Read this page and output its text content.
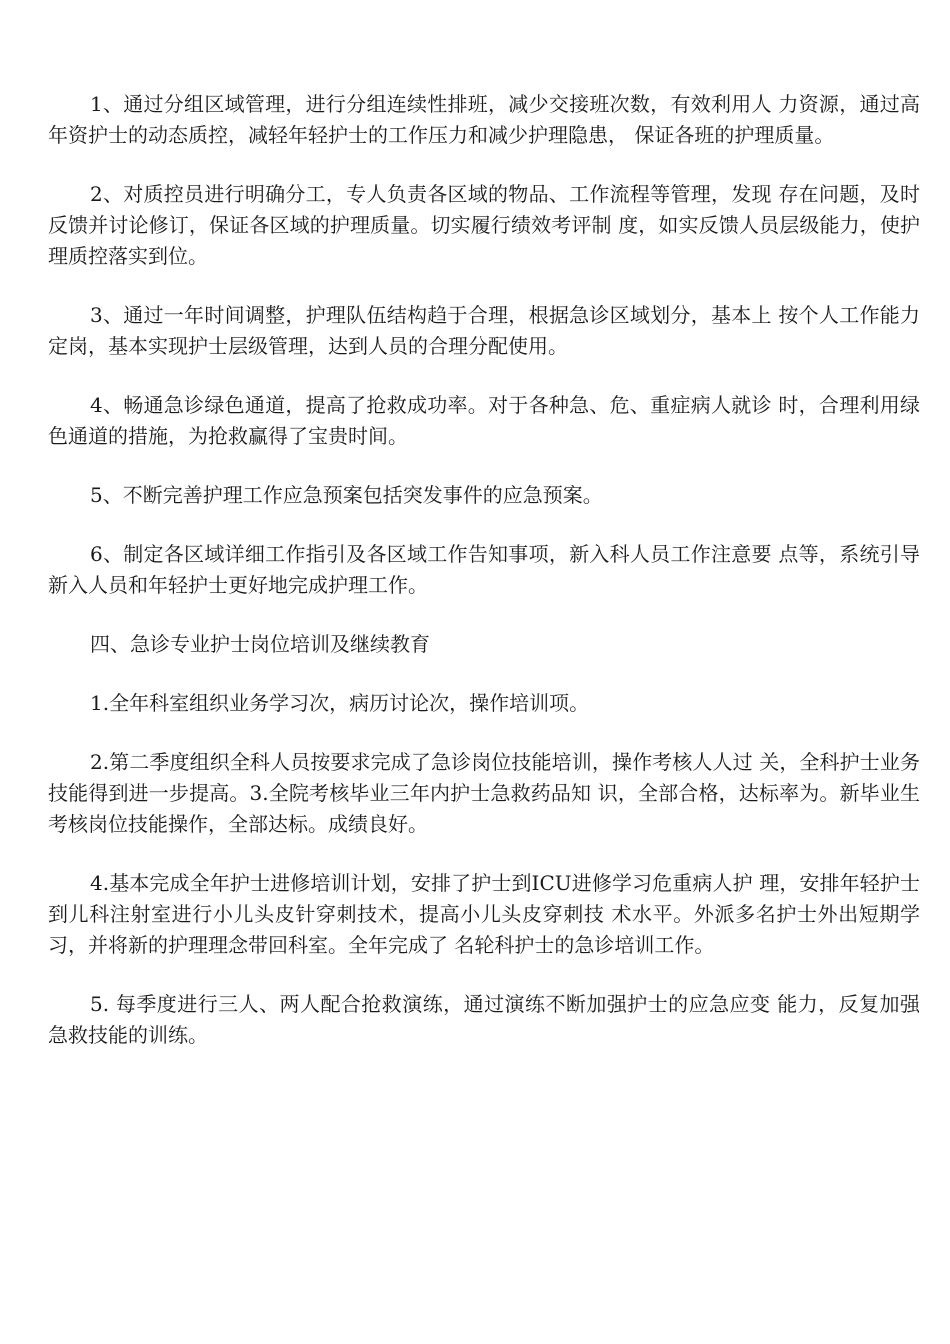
1、通过分组区域管理，进行分组连续性排班，减少交接班次数，有效利用人 力资源，通过高年资护士的动态质控，减轻年轻护士的工作压力和减少护理隐患， 保证各班的护理质量。

2、对质控员进行明确分工，专人负责各区域的物品、工作流程等管理，发现 存在问题，及时反馈并讨论修订，保证各区域的护理质量。切实履行绩效考评制 度，如实反馈人员层级能力，使护理质控落实到位。

3、通过一年时间调整，护理队伍结构趋于合理，根据急诊区域划分，基本上 按个人工作能力定岗，基本实现护士层级管理，达到人员的合理分配使用。

4、畅通急诊绿色通道，提高了抢救成功率。对于各种急、危、重症病人就诊 时，合理利用绿色通道的措施，为抢救赢得了宝贵时间。

5、不断完善护理工作应急预案包括突发事件的应急预案。

6、制定各区域详细工作指引及各区域工作告知事项，新入科人员工作注意要 点等，系统引导新入人员和年轻护士更好地完成护理工作。

四、急诊专业护士岗位培训及继续教育

1.全年科室组织业务学习次，病历讨论次，操作培训项。

2.第二季度组织全科人员按要求完成了急诊岗位技能培训，操作考核人人过 关，全科护士业务技能得到进一步提高。3.全院考核毕业三年内护士急救药品知 识，全部合格，达标率为。新毕业生考核岗位技能操作，全部达标。成绩良好。

4.基本完成全年护士进修培训计划，安排了护士到ICU进修学习危重病人护 理，安排年轻护士到儿科注射室进行小儿头皮针穿刺技术，提高小儿头皮穿刺技 术水平。外派多名护士外出短期学习，并将新的护理理念带回科室。全年完成了 名轮科护士的急诊培训工作。

5. 每季度进行三人、两人配合抢救演练，通过演练不断加强护士的应急应变 能力，反复加强急救技能的训练。
